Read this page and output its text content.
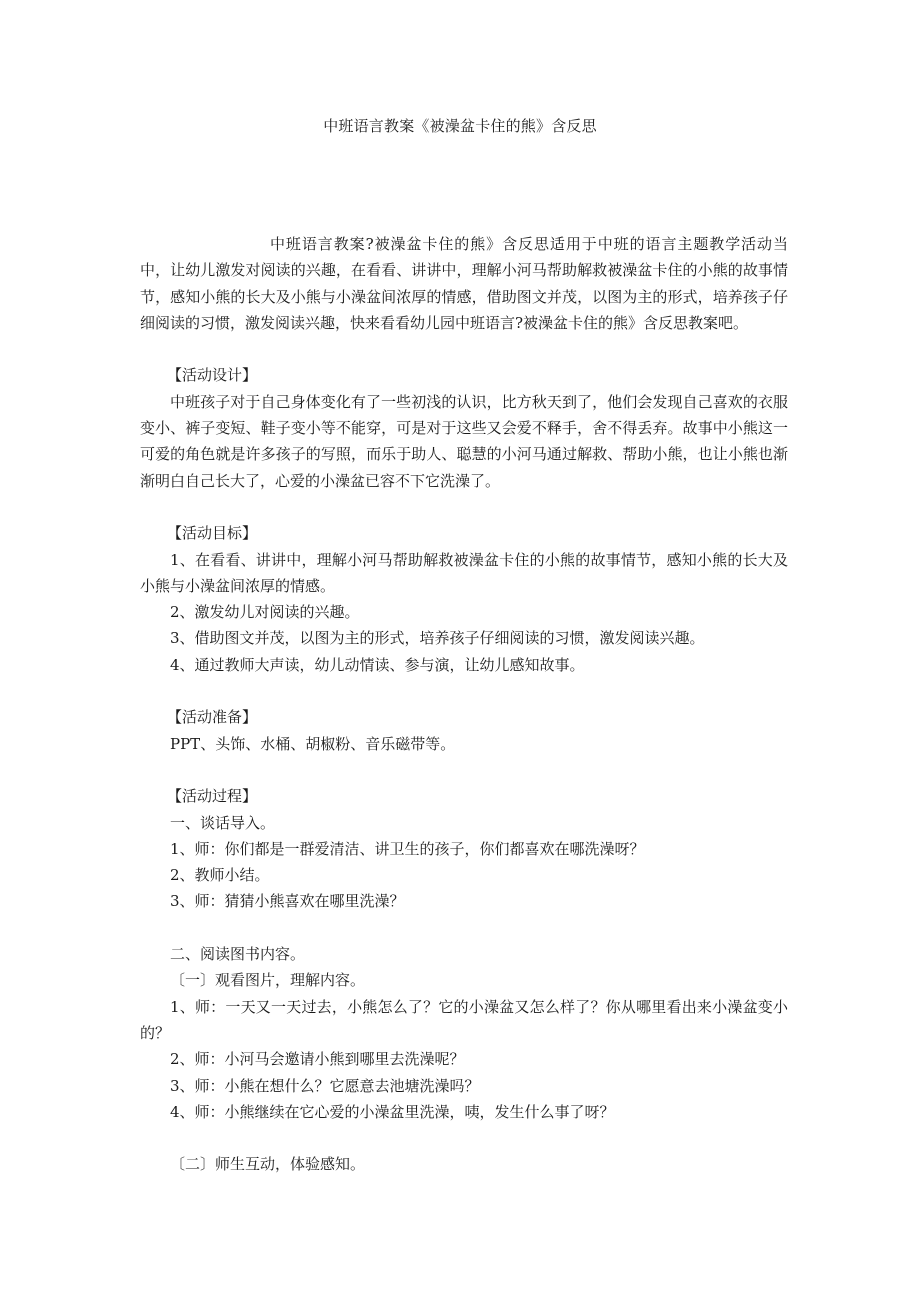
中班语言教案《被澡盆卡住的熊》含反思

中班语言教案?被澡盆卡住的熊》含反思适用于中班的语言主题教学活动当中，让幼儿激发对阅读的兴趣，在看看、讲讲中，理解小河马帮助解救被澡盆卡住的小熊的故事情节，感知小熊的长大及小熊与小澡盆间浓厚的情感，借助图文并茂，以图为主的形式，培养孩子仔细阅读的习惯，激发阅读兴趣，快来看看幼儿园中班语言?被澡盆卡住的熊》含反思教案吧。

【活动设计】

中班孩子对于自己身体变化有了一些初浅的认识，比方秋天到了，他们会发现自己喜欢的衣服变小、裤子变短、鞋子变小等不能穿，可是对于这些又会爱不释手，舍不得丢弃。故事中小熊这一可爱的角色就是许多孩子的写照，而乐于助人、聪慧的小河马通过解救、帮助小熊，也让小熊也渐渐明白自己长大了，心爱的小澡盆已容不下它洗澡了。

【活动目标】

1、在看看、讲讲中，理解小河马帮助解救被澡盆卡住的小熊的故事情节，感知小熊的长大及小熊与小澡盆间浓厚的情感。

2、激发幼儿对阅读的兴趣。

3、借助图文并茂，以图为主的形式，培养孩子仔细阅读的习惯，激发阅读兴趣。

4、通过教师大声读，幼儿动情读、参与演，让幼儿感知故事。

【活动准备】

PPT、头饰、水桶、胡椒粉、音乐磁带等。

【活动过程】

一、谈话导入。

1、师：你们都是一群爱清洁、讲卫生的孩子，你们都喜欢在哪洗澡呀？

2、教师小结。

3、师：猜猜小熊喜欢在哪里洗澡？

二、阅读图书内容。

〔一〕观看图片，理解内容。

1、师：一天又一天过去，小熊怎么了？它的小澡盆又怎么样了？你从哪里看出来小澡盆变小的？

2、师：小河马会邀请小熊到哪里去洗澡呢？

3、师：小熊在想什么？它愿意去池塘洗澡吗？

4、师：小熊继续在它心爱的小澡盆里洗澡，咦，发生什么事了呀？

〔二〕师生互动，体验感知。
